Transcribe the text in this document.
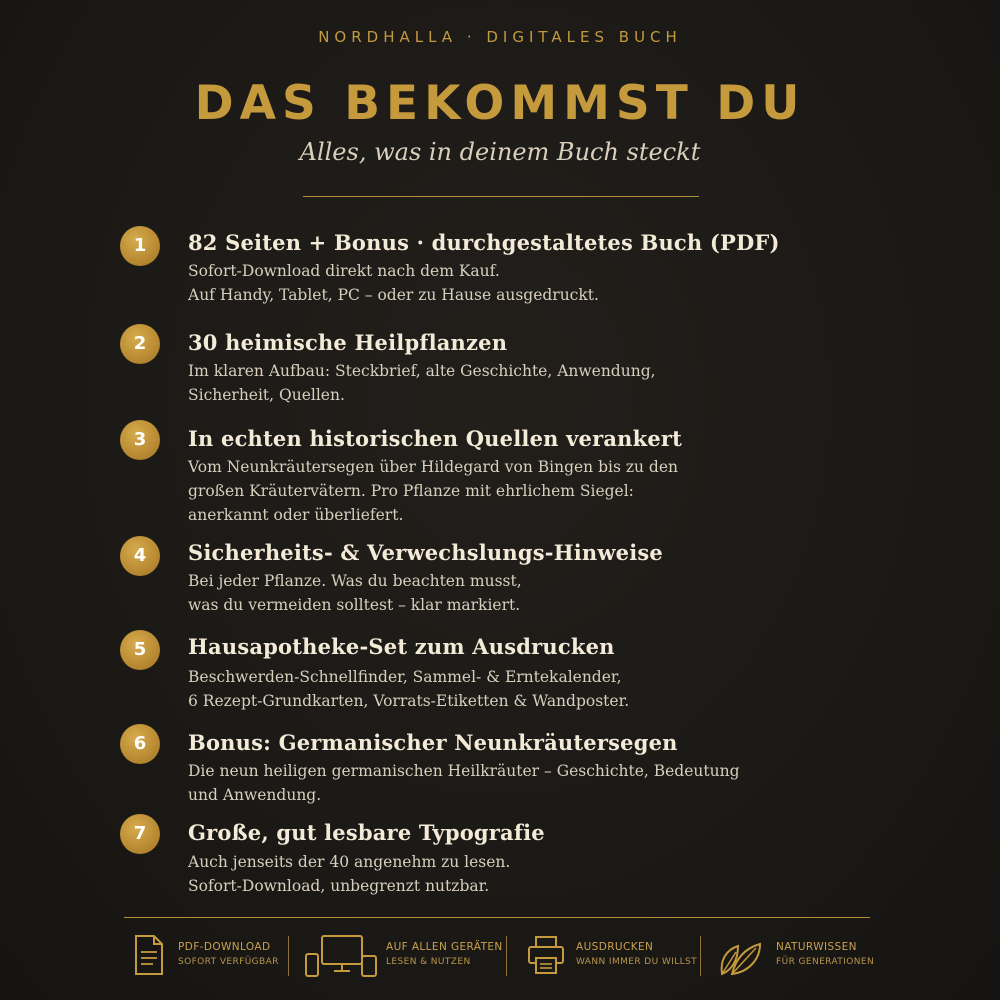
NORDHALLA · DIGITALES BUCH
DAS BEKOMMST DU
Alles, was in deinem Buch steckt
1	82 Seiten + Bonus · durchgestaltetes Buch (PDF)
Sofort-Download direkt nach dem Kauf.
Auf Handy, Tablet, PC – oder zu Hause ausgedruckt.
2	30 heimische Heilpflanzen
Im klaren Aufbau: Steckbrief, alte Geschichte, Anwendung,
Sicherheit, Quellen.
3	In echten historischen Quellen verankert
Vom Neunkräutersegen über Hildegard von Bingen bis zu den
großen Kräutervätern. Pro Pflanze mit ehrlichem Siegel:
anerkannt oder überliefert.
4	Sicherheits- & Verwechslungs-Hinweise
Bei jeder Pflanze. Was du beachten musst,
was du vermeiden solltest – klar markiert.
5	Hausapotheke-Set zum Ausdrucken
Beschwerden-Schnellfinder, Sammel- & Erntekalender,
6 Rezept-Grundkarten, Vorrats-Etiketten & Wandposter.
6	Bonus: Germanischer Neunkräutersegen
Die neun heiligen germanischen Heilkräuter – Geschichte, Bedeutung
und Anwendung.
7	Große, gut lesbare Typografie
Auch jenseits der 40 angenehm zu lesen.
Sofort-Download, unbegrenzt nutzbar.
PDF-DOWNLOAD
SOFORT VERFÜGBAR
AUF ALLEN GERÄTEN
LESEN & NUTZEN
AUSDRUCKEN
WANN IMMER DU WILLST
NATURWISSEN
FÜR GENERATIONEN
